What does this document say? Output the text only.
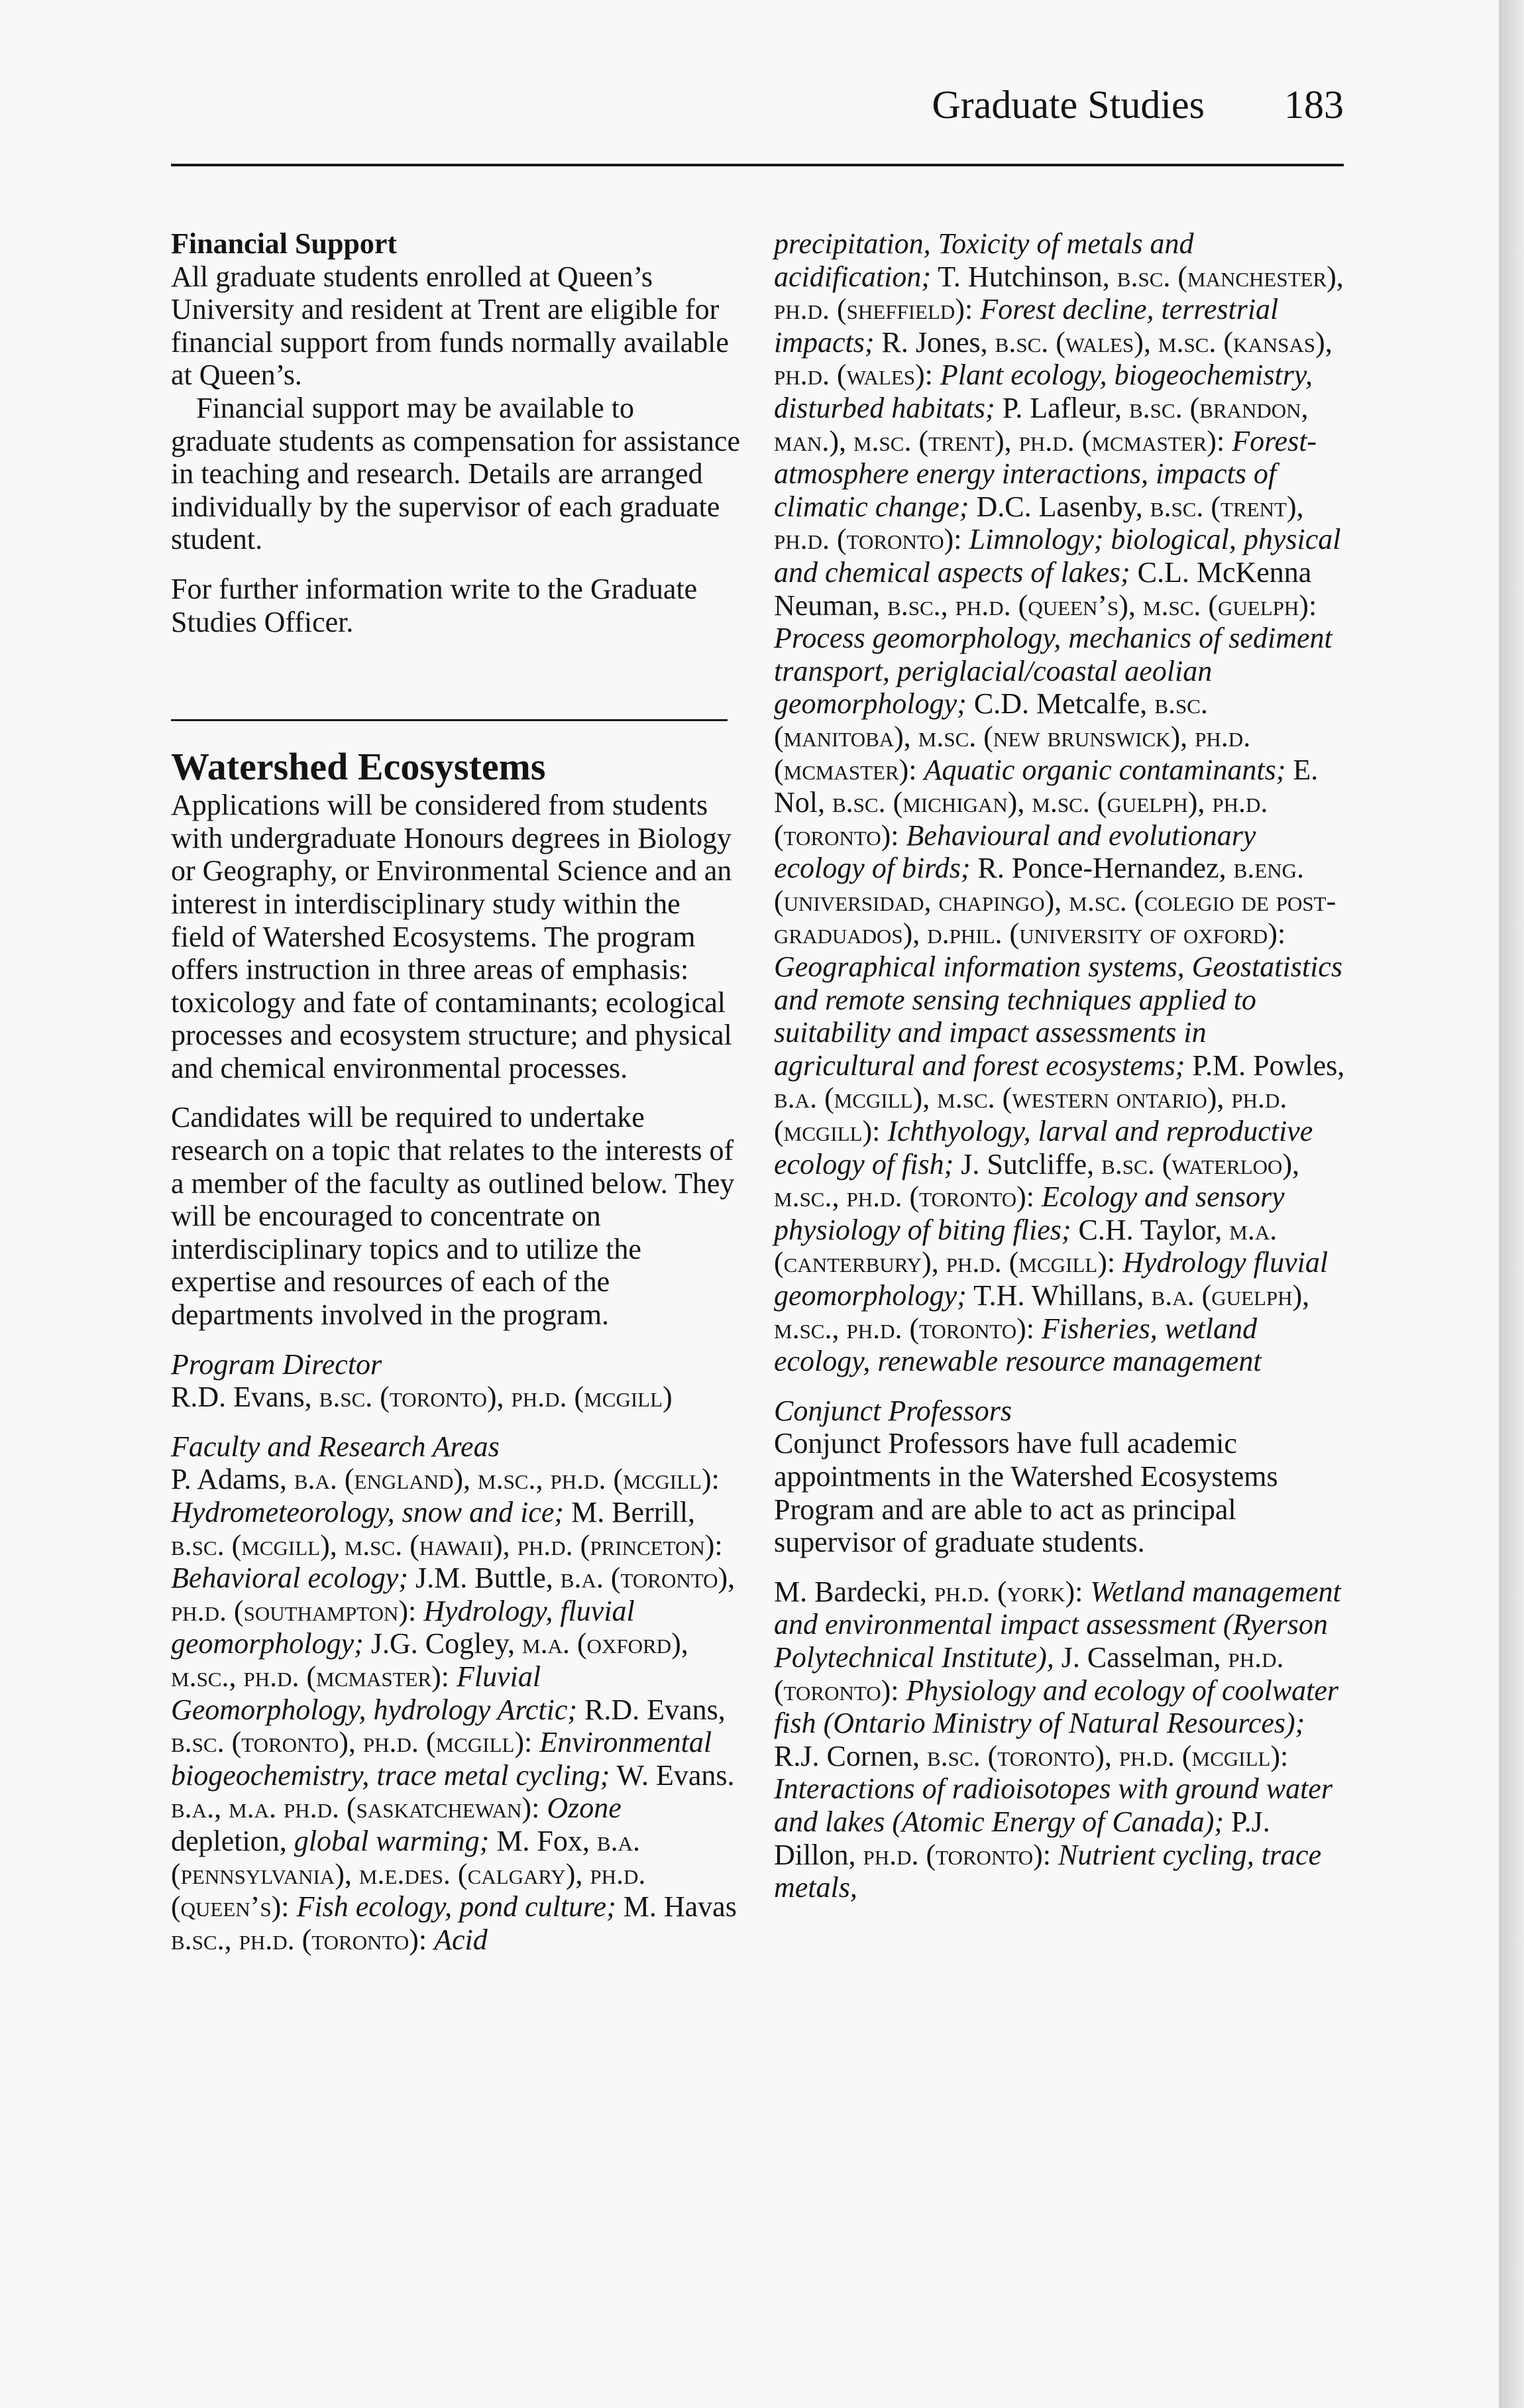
Graduate Studies 183

Financial Support

All graduate students enrolled at Queen’s University and resident at Trent are eligible for financial support from funds normally available at Queen’s.

Financial support may be available to graduate students as compensation for assistance in teaching and research. Details are arranged individually by the supervisor of each graduate student.

For further information write to the Graduate Studies Officer.

Watershed Ecosystems

Applications will be considered from students with undergraduate Honours degrees in Biology or Geography, or Environmental Science and an interest in interdisciplinary study within the field of Watershed Ecosystems. The program offers instruction in three areas of emphasis: toxicology and fate of contaminants; ecological processes and ecosystem structure; and physical and chemical environmental processes.

Candidates will be required to undertake research on a topic that relates to the interests of a member of the faculty as outlined below. They will be encouraged to concentrate on interdisciplinary topics and to utilize the expertise and resources of each of the departments involved in the program.

Program Director

R.D. Evans, b.sc. (toronto), ph.d. (mcgill)

Faculty and Research Areas

P. Adams, b.a. (england), m.sc., ph.d. (mcgill): Hydrometeorology, snow and ice; M. Berrill, b.sc. (mcgill), m.sc. (hawaii), ph.d. (princeton): Behavioral ecology; J.M. Buttle, b.a. (toronto), ph.d. (southampton): Hydrology, fluvial geomorphology; J.G. Cogley, m.a. (oxford), m.sc., ph.d. (mcmaster): Fluvial Geomorphology, hydrology Arctic; R.D. Evans, b.sc. (toronto), ph.d. (mcgill): Environmental biogeochemistry, trace metal cycling; W. Evans. b.a., m.a. ph.d. (saskatchewan): Ozone depletion, global warming; M. Fox, b.a. (pennsylvania), m.e.des. (calgary), ph.d. (queen’s): Fish ecology, pond culture; M. Havas b.sc., ph.d. (toronto): Acid

precipitation, Toxicity of metals and acidification; T. Hutchinson, b.sc. (manchester), ph.d. (sheffield): Forest decline, terrestrial impacts; R. Jones, b.sc. (wales), m.sc. (kansas), ph.d. (wales): Plant ecology, biogeochemistry, disturbed habitats; P. Lafleur, b.sc. (brandon, man.), m.sc. (trent), ph.d. (mcmaster): Forest-atmosphere energy interactions, impacts of climatic change; D.C. Lasenby, b.sc. (trent), ph.d. (toronto): Limnology; biological, physical and chemical aspects of lakes; C.L. McKenna Neuman, b.sc., ph.d. (queen’s), m.sc. (guelph): Process geomorphology, mechanics of sediment transport, periglacial/coastal aeolian geomorphology; C.D. Metcalfe, b.sc. (manitoba), m.sc. (new brunswick), ph.d. (mcmaster): Aquatic organic contaminants; E. Nol, b.sc. (michigan), m.sc. (guelph), ph.d. (toronto): Behavioural and evolutionary ecology of birds; R. Ponce-Hernandez, b.eng. (universidad, chapingo), m.sc. (colegio de post-graduados), d.phil. (university of oxford): Geographical information systems, Geostatistics and remote sensing techniques applied to suitability and impact assessments in agricultural and forest ecosystems; P.M. Powles, b.a. (mcgill), m.sc. (western ontario), ph.d. (mcgill): Ichthyology, larval and reproductive ecology of fish; J. Sutcliffe, b.sc. (waterloo), m.sc., ph.d. (toronto): Ecology and sensory physiology of biting flies; C.H. Taylor, m.a. (canterbury), ph.d. (mcgill): Hydrology fluvial geomorphology; T.H. Whillans, b.a. (guelph), m.sc., ph.d. (toronto): Fisheries, wetland ecology, renewable resource management

Conjunct Professors

Conjunct Professors have full academic appointments in the Watershed Ecosystems Program and are able to act as principal supervisor of graduate students.

M. Bardecki, ph.d. (york): Wetland management and environmental impact assessment (Ryerson Polytechnical Institute), J. Casselman, ph.d. (toronto): Physiology and ecology of coolwater fish (Ontario Ministry of Natural Resources); R.J. Cornen, b.sc. (toronto), ph.d. (mcgill): Interactions of radioisotopes with ground water and lakes (Atomic Energy of Canada); P.J. Dillon, ph.d. (toronto): Nutrient cycling, trace metals,
